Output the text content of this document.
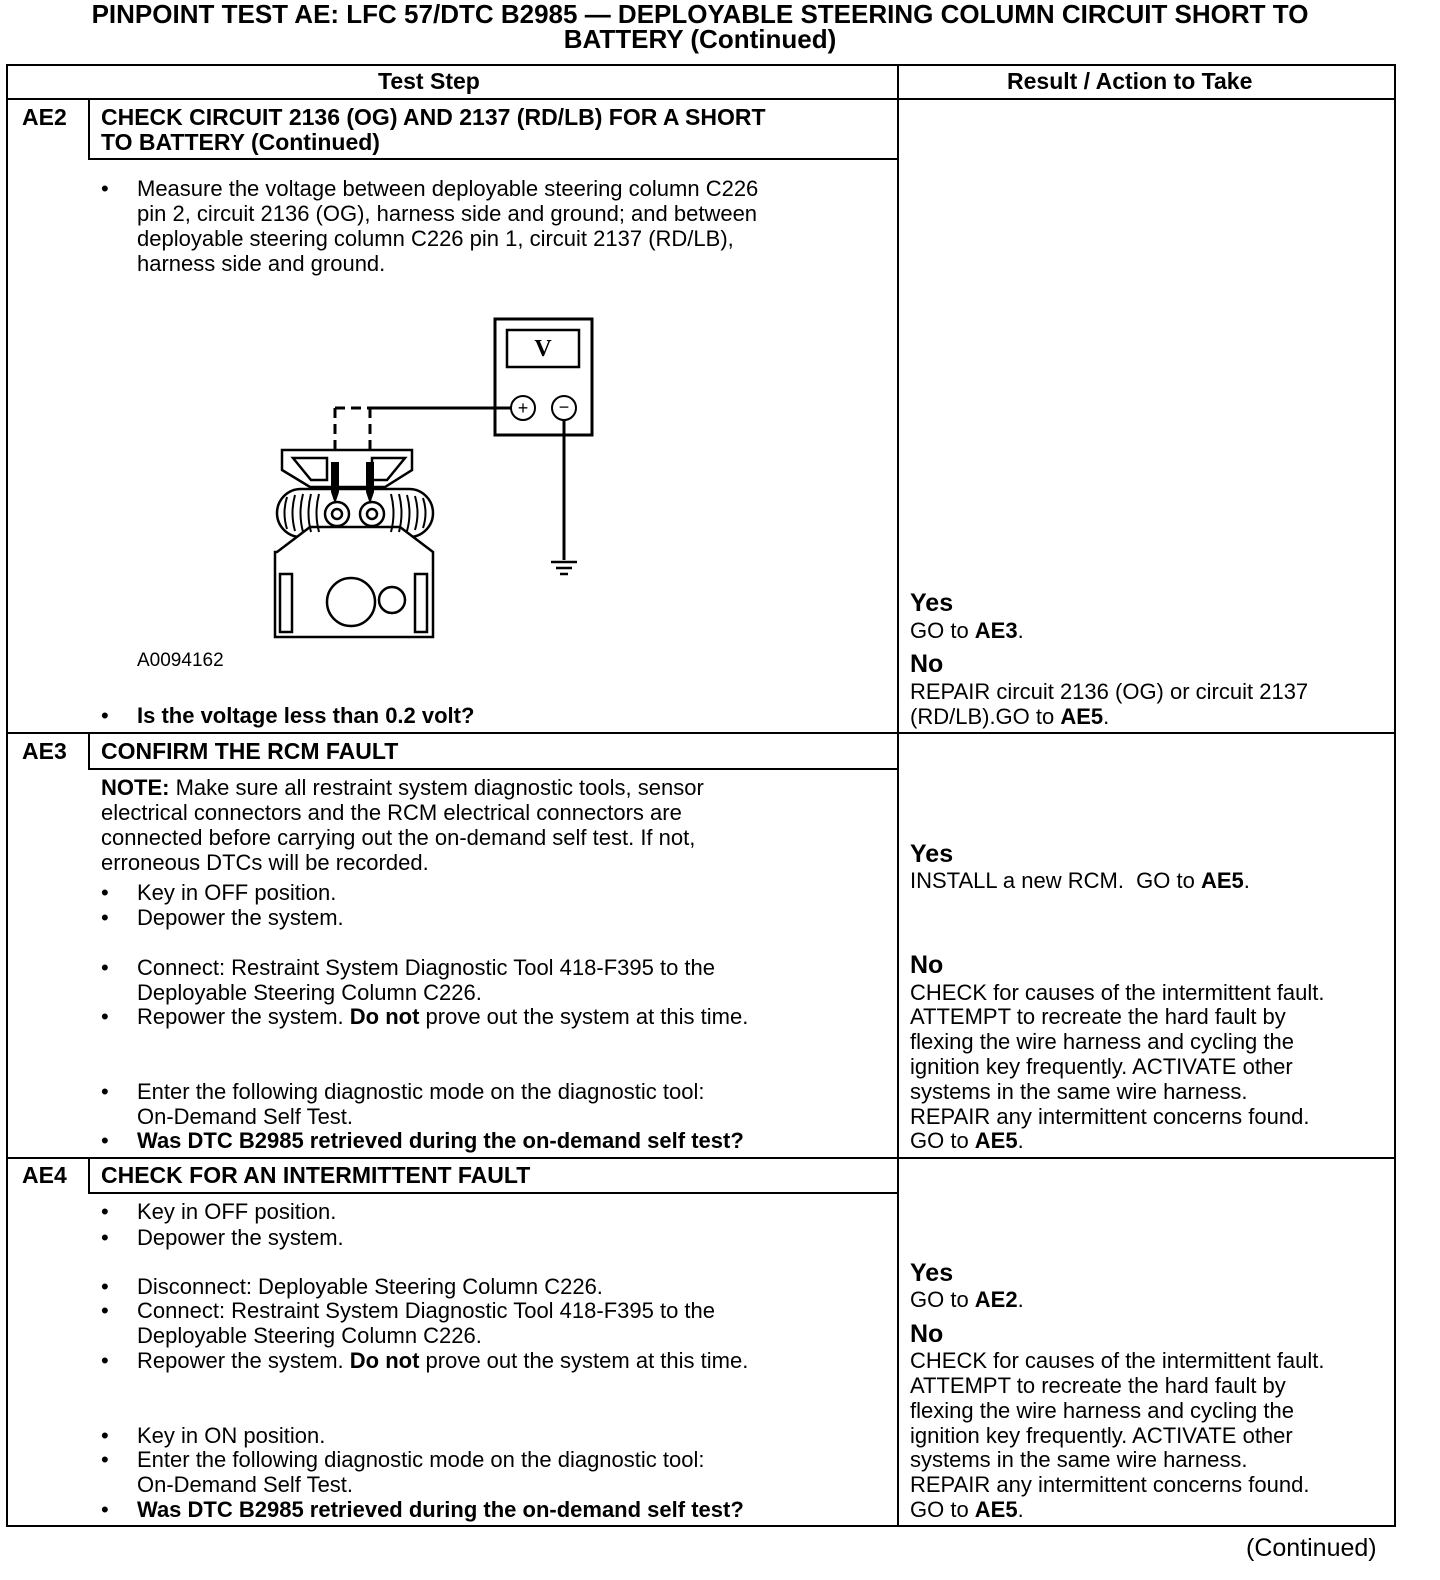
PINPOINT TEST AE: LFC 57/DTC B2985 — DEPLOYABLE STEERING COLUMN CIRCUIT SHORT TO
BATTERY (Continued)
Test Step	Result / Action to Take
AE2 CHECK CIRCUIT 2136 (OG) AND 2137 (RD/LB) FOR A SHORT
TO BATTERY (Continued)
• Measure the voltage between deployable steering column C226
pin 2, circuit 2136 (OG), harness side and ground; and between
deployable steering column C226 pin 1, circuit 2137 (RD/LB),
harness side and ground.
V
+ −
A0094162
• Is the voltage less than 0.2 volt?
Yes
GO to AE3.
No
REPAIR circuit 2136 (OG) or circuit 2137
(RD/LB).GO to AE5.
AE3 CONFIRM THE RCM FAULT
NOTE: Make sure all restraint system diagnostic tools, sensor
electrical connectors and the RCM electrical connectors are
connected before carrying out the on-demand self test. If not,
erroneous DTCs will be recorded.
• Key in OFF position.
• Depower the system.
• Connect: Restraint System Diagnostic Tool 418-F395 to the
Deployable Steering Column C226.
• Repower the system. Do not prove out the system at this time.
• Enter the following diagnostic mode on the diagnostic tool:
On-Demand Self Test.
• Was DTC B2985 retrieved during the on-demand self test?
Yes
INSTALL a new RCM.  GO to AE5.
No
CHECK for causes of the intermittent fault.
ATTEMPT to recreate the hard fault by
flexing the wire harness and cycling the
ignition key frequently. ACTIVATE other
systems in the same wire harness.
REPAIR any intermittent concerns found.
GO to AE5.
AE4 CHECK FOR AN INTERMITTENT FAULT
• Key in OFF position.
• Depower the system.
• Disconnect: Deployable Steering Column C226.
• Connect: Restraint System Diagnostic Tool 418-F395 to the
Deployable Steering Column C226.
• Repower the system. Do not prove out the system at this time.
• Key in ON position.
• Enter the following diagnostic mode on the diagnostic tool:
On-Demand Self Test.
• Was DTC B2985 retrieved during the on-demand self test?
Yes
GO to AE2.
No
CHECK for causes of the intermittent fault.
ATTEMPT to recreate the hard fault by
flexing the wire harness and cycling the
ignition key frequently. ACTIVATE other
systems in the same wire harness.
REPAIR any intermittent concerns found.
GO to AE5.
(Continued)
